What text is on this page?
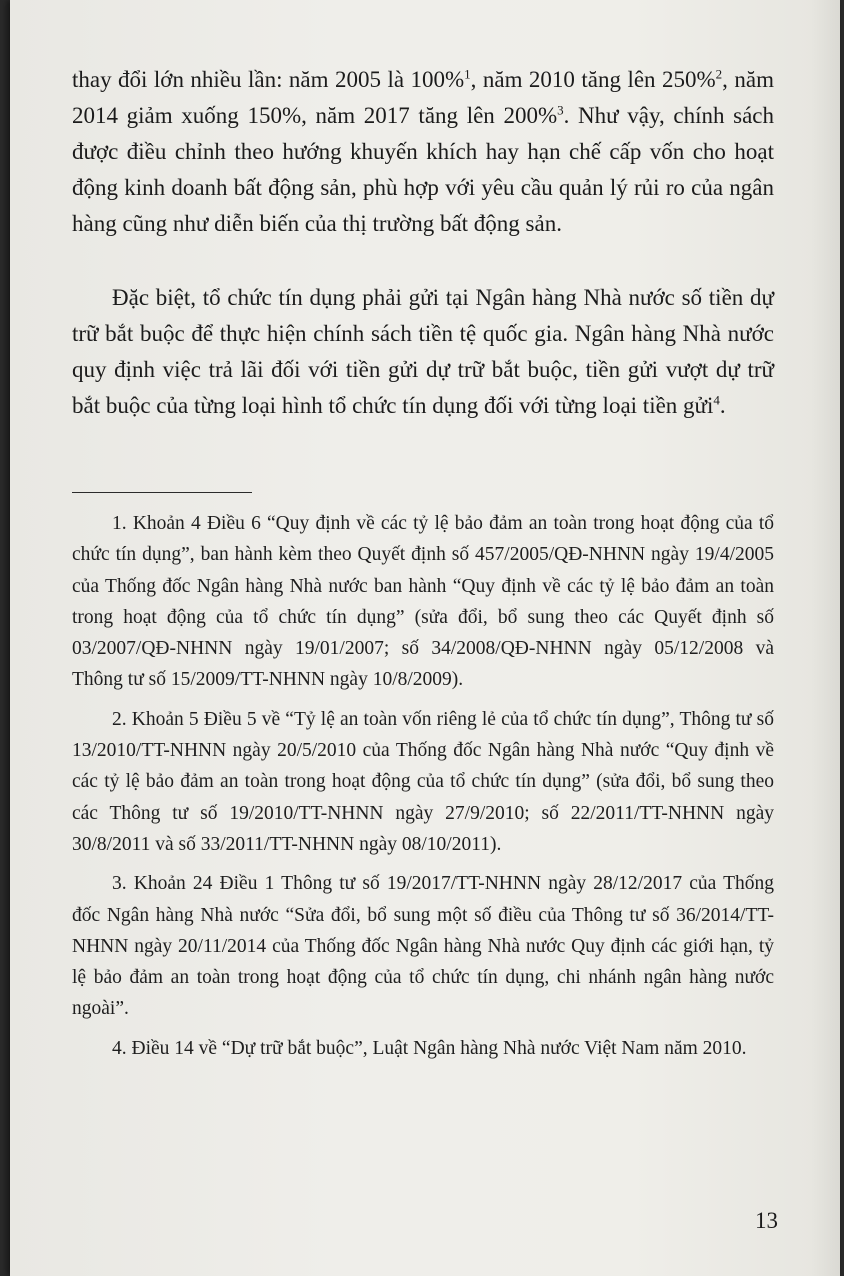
thay đổi lớn nhiều lần: năm 2005 là 100%$^1$, năm 2010 tăng lên 250%$^2$, năm 2014 giảm xuống 150%, năm 2017 tăng lên 200%$^3$. Như vậy, chính sách được điều chỉnh theo hướng khuyến khích hay hạn chế cấp vốn cho hoạt động kinh doanh bất động sản, phù hợp với yêu cầu quản lý rủi ro của ngân hàng cũng như diễn biến của thị trường bất động sản.

Đặc biệt, tổ chức tín dụng phải gửi tại Ngân hàng Nhà nước số tiền dự trữ bắt buộc để thực hiện chính sách tiền tệ quốc gia. Ngân hàng Nhà nước quy định việc trả lãi đối với tiền gửi dự trữ bắt buộc, tiền gửi vượt dự trữ bắt buộc của từng loại hình tổ chức tín dụng đối với từng loại tiền gửi$^4$.

1. Khoản 4 Điều 6 “Quy định về các tỷ lệ bảo đảm an toàn trong hoạt động của tổ chức tín dụng”, ban hành kèm theo Quyết định số 457/2005/QĐ-NHNN ngày 19/4/2005 của Thống đốc Ngân hàng Nhà nước ban hành “Quy định về các tỷ lệ bảo đảm an toàn trong hoạt động của tổ chức tín dụng” (sửa đổi, bổ sung theo các Quyết định số 03/2007/QĐ-NHNN ngày 19/01/2007; số 34/2008/QĐ-NHNN ngày 05/12/2008 và Thông tư số 15/2009/TT-NHNN ngày 10/8/2009).

2. Khoản 5 Điều 5 về “Tỷ lệ an toàn vốn riêng lẻ của tổ chức tín dụng”, Thông tư số 13/2010/TT-NHNN ngày 20/5/2010 của Thống đốc Ngân hàng Nhà nước “Quy định về các tỷ lệ bảo đảm an toàn trong hoạt động của tổ chức tín dụng” (sửa đổi, bổ sung theo các Thông tư số 19/2010/TT-NHNN ngày 27/9/2010; số 22/2011/TT-NHNN ngày 30/8/2011 và số 33/2011/TT-NHNN ngày 08/10/2011).

3. Khoản 24 Điều 1 Thông tư số 19/2017/TT-NHNN ngày 28/12/2017 của Thống đốc Ngân hàng Nhà nước “Sửa đổi, bổ sung một số điều của Thông tư số 36/2014/TT-NHNN ngày 20/11/2014 của Thống đốc Ngân hàng Nhà nước Quy định các giới hạn, tỷ lệ bảo đảm an toàn trong hoạt động của tổ chức tín dụng, chi nhánh ngân hàng nước ngoài”.

4. Điều 14 về “Dự trữ bắt buộc”, Luật Ngân hàng Nhà nước Việt Nam năm 2010.

13
